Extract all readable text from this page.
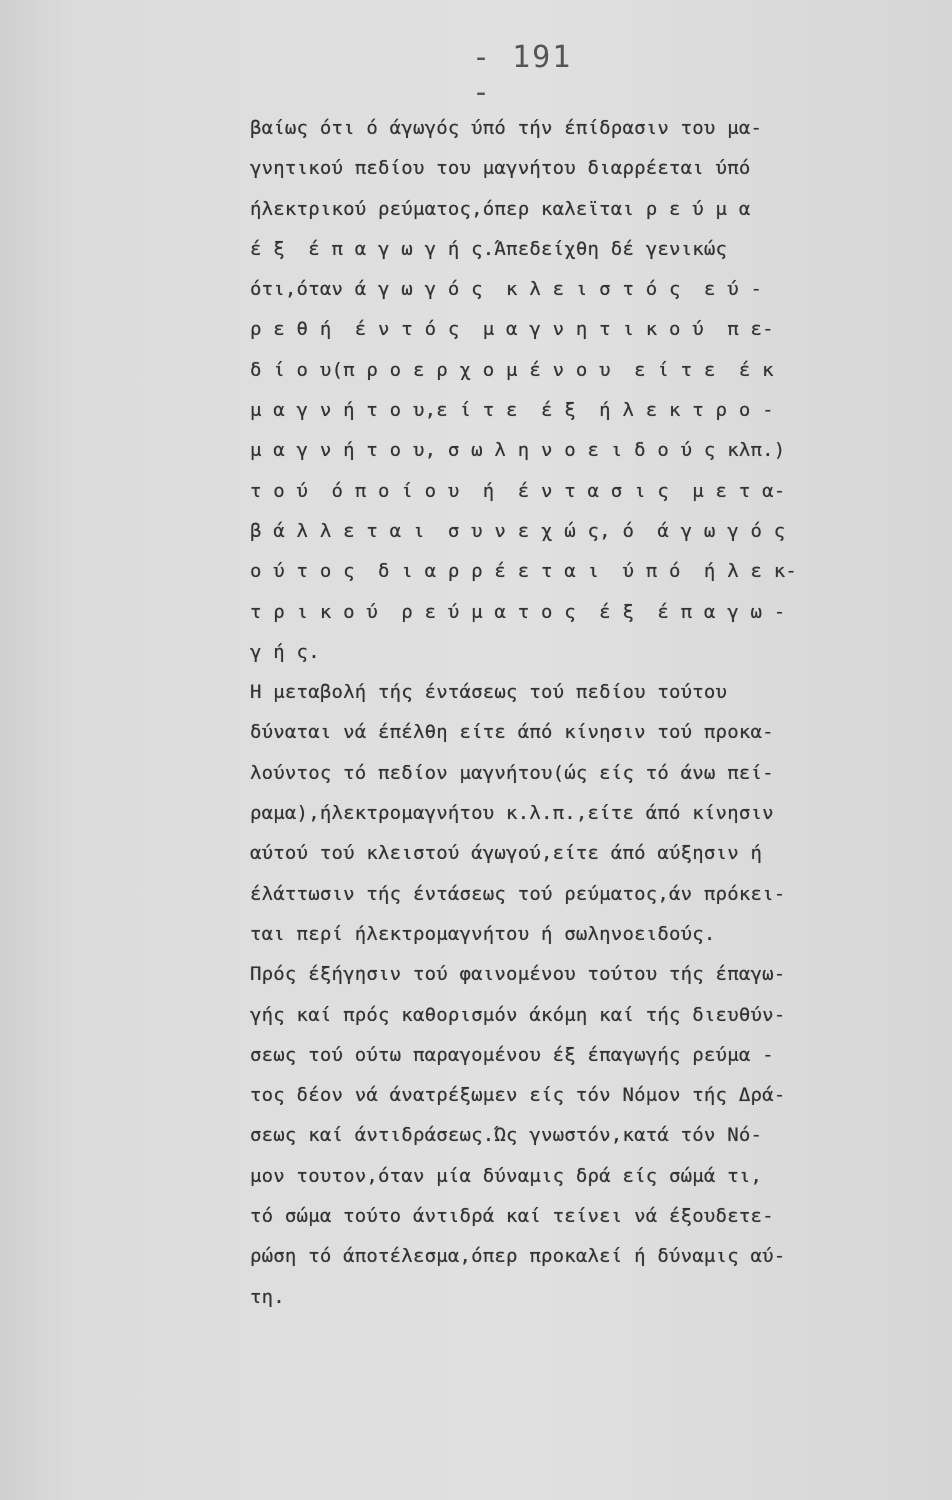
- 191 -
βαίως ότι ό άγωγός ύπό τήν έπίδρασιν του μα-
γνητικού πεδίου του μαγνήτου διαρρέεται ύπό
ήλεκτρικού ρεύματος,όπερ καλεϊται ρ ε ύ μ α
έ ξ  έ π α γ ω γ ή ς.Άπεδείχθη δέ γενικώς
ότι,όταν ά γ ω γ ό ς  κ λ ε ι σ τ ό ς  ε ύ -
ρ ε θ ή  έ ν τ ό ς  μ α γ ν η τ ι κ ο ύ  π ε-
δ ί ο υ(π ρ ο ε ρ χ ο μ έ ν ο υ  ε ί τ ε  έ κ
μ α γ ν ή τ ο υ,ε ί τ ε  έ ξ  ή λ ε κ τ ρ ο -
μ α γ ν ή τ ο υ, σ ω λ η ν ο ε ι δ ο ύ ς κλπ.)
τ ο ύ  ό π ο ί ο υ  ή  έ ν τ α σ ι ς  μ ε τ α-
β ά λ λ ε τ α ι  σ υ ν ε χ ώ ς, ό  ά γ ω γ ό ς
ο ύ τ ο ς  δ ι α ρ ρ έ ε τ α ι  ύ π ό  ή λ ε κ-
τ ρ ι κ ο ύ  ρ ε ύ μ α τ ο ς  έ ξ  έ π α γ ω -
γ ή ς.
Η μεταβολή τής έντάσεως τού πεδίου τούτου
δύναται νά έπέλθη είτε άπό κίνησιν τού προκα-
λούντος τό πεδίον μαγνήτου(ώς είς τό άνω πεί-
ραμα),ήλεκτρομαγνήτου κ.λ.π.,είτε άπό κίνησιν
αύτού τού κλειστού άγωγού,είτε άπό αύξησιν ή
έλάττωσιν τής έντάσεως τού ρεύματος,άν πρόκει-
ται περί ήλεκτρομαγνήτου ή σωληνοειδούς.
Πρός έξήγησιν τού φαινομένου τούτου τής έπαγω-
γής καί πρός καθορισμόν άκόμη καί τής διευθύν-
σεως τού ούτω παραγομένου έξ έπαγωγής ρεύμα -
τος δέον νά άνατρέξωμεν είς τόν Νόμον τής Δρά-
σεως καί άντιδράσεως.Ώς γνωστόν,κατά τόν Νό-
μον τουτον,όταν μία δύναμις δρά είς σώμά τι,
τό σώμα τούτο άντιδρά καί τείνει νά έξουδετε-
ρώση τό άποτέλεσμα,όπερ προκαλεί ή δύναμις αύ-
τη.
